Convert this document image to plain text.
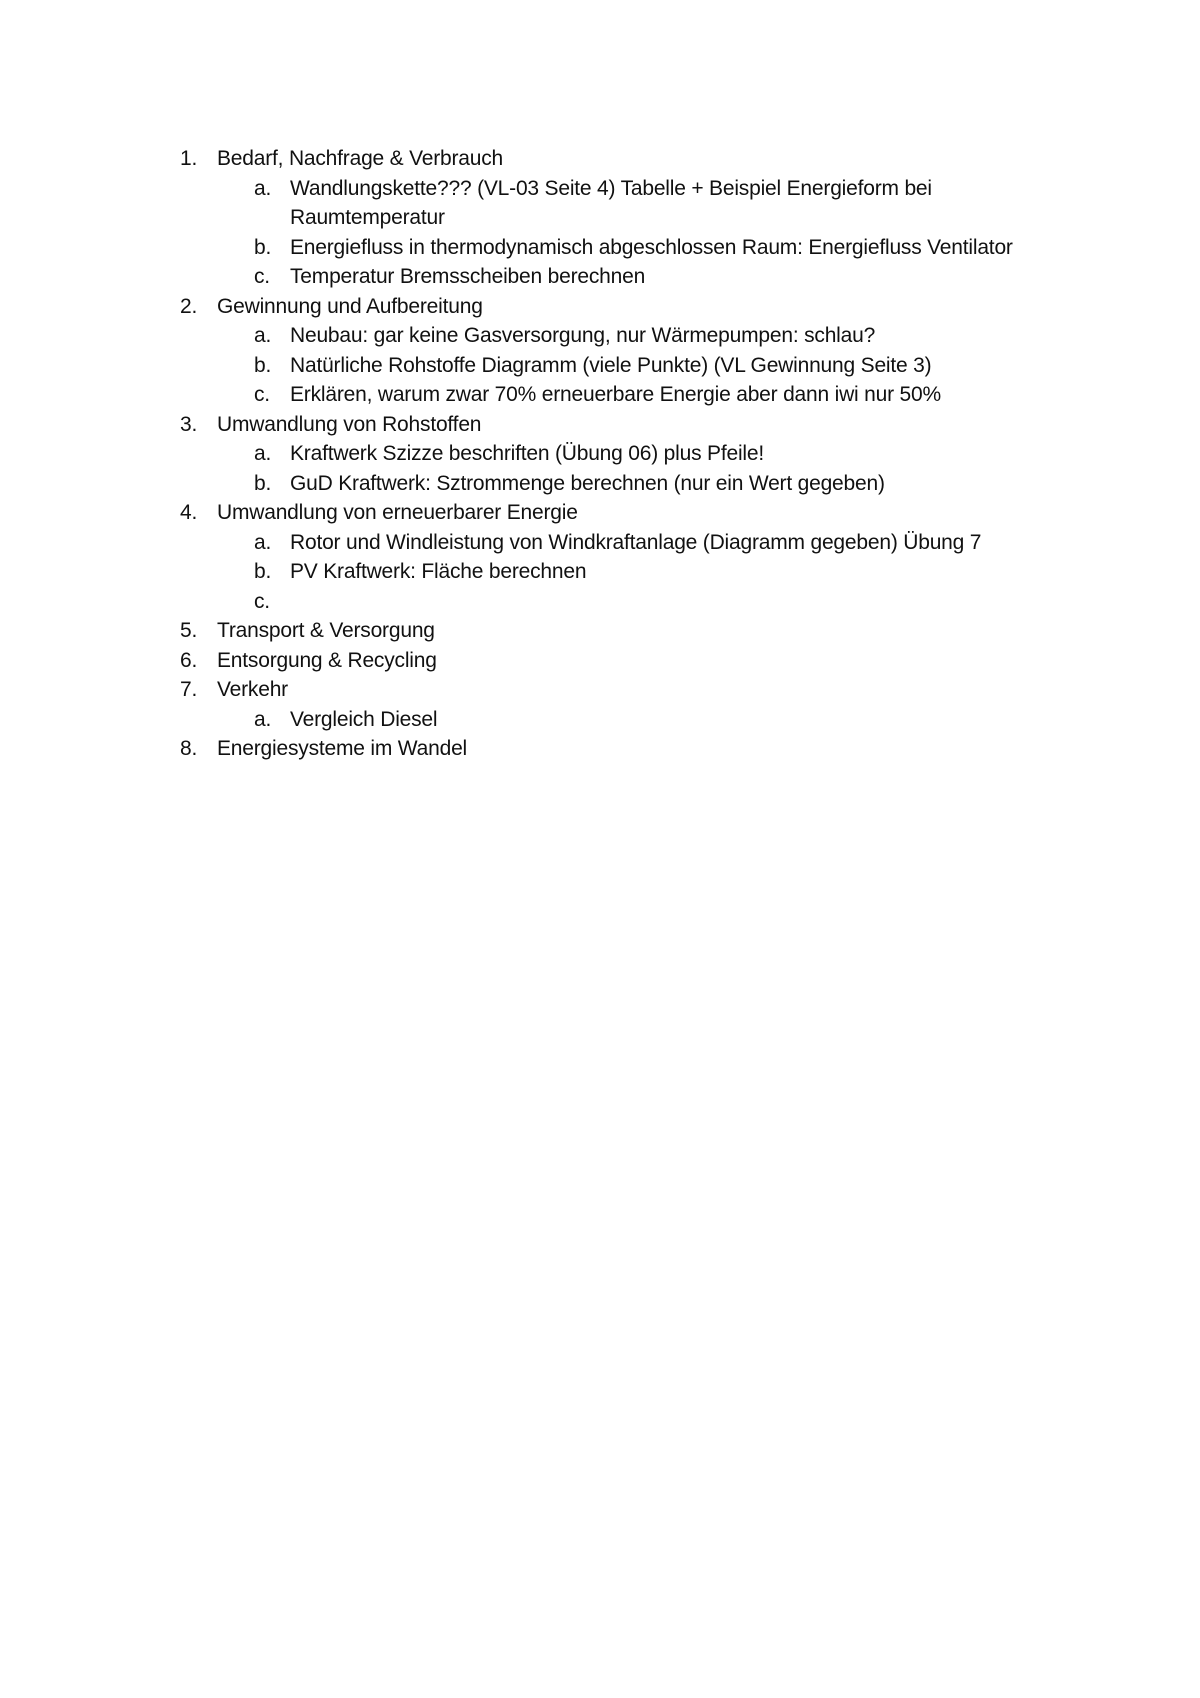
1. Bedarf, Nachfrage & Verbrauch
a. Wandlungskette??? (VL-03 Seite 4) Tabelle + Beispiel Energieform bei
Raumtemperatur
b. Energiefluss in thermodynamisch abgeschlossen Raum: Energiefluss Ventilator
c. Temperatur Bremsscheiben berechnen
2. Gewinnung und Aufbereitung
a. Neubau: gar keine Gasversorgung, nur Wärmepumpen: schlau?
b. Natürliche Rohstoffe Diagramm (viele Punkte) (VL Gewinnung Seite 3)
c. Erklären, warum zwar 70% erneuerbare Energie aber dann iwi nur 50%
3. Umwandlung von Rohstoffen
a. Kraftwerk Szizze beschriften (Übung 06) plus Pfeile!
b. GuD Kraftwerk: Sztrommenge berechnen (nur ein Wert gegeben)
4. Umwandlung von erneuerbarer Energie
a. Rotor und Windleistung von Windkraftanlage (Diagramm gegeben) Übung 7
b. PV Kraftwerk: Fläche berechnen
c.
5. Transport & Versorgung
6. Entsorgung & Recycling
7. Verkehr
a. Vergleich Diesel
8. Energiesysteme im Wandel
